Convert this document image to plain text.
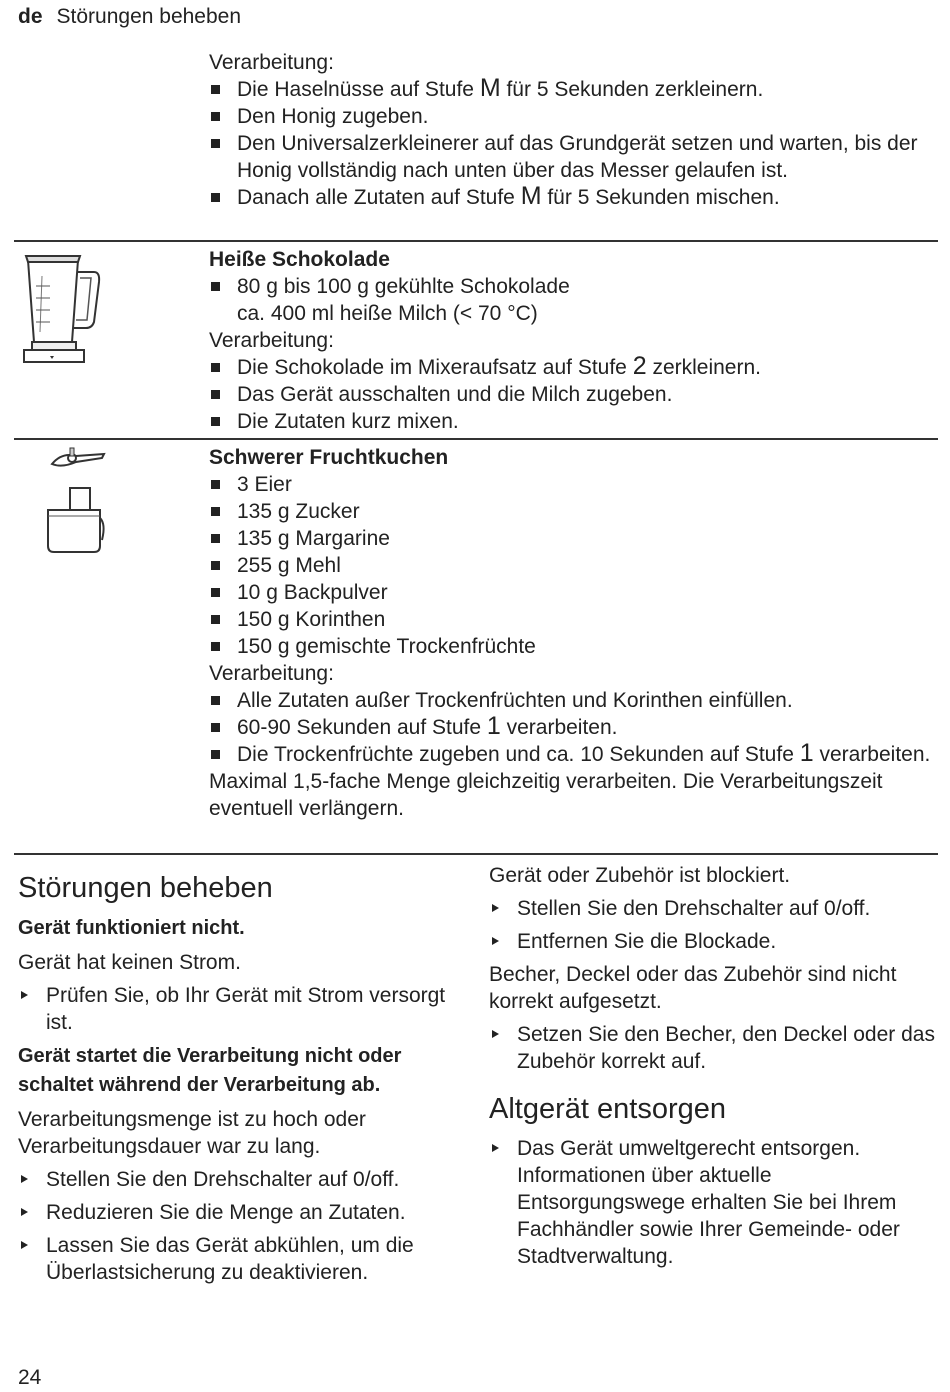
de Störungen beheben

Verarbeitung:

Die Haselnüsse auf Stufe M für 5 Sekunden zerkleinern.
Den Honig zugeben.
Den Universalzerkleinerer auf das Grundgerät setzen und warten, bis der Honig vollständig nach unten über das Messer gelaufen ist.
Danach alle Zutaten auf Stufe M für 5 Sekunden mischen.

Heiße Schokolade

80 g bis 100 g gekühlte Schokolade

ca. 400 ml heiße Milch (< 70 °C)

Verarbeitung:

Die Schokolade im Mixeraufsatz auf Stufe 2 zerkleinern.
Das Gerät ausschalten und die Milch zugeben.
Die Zutaten kurz mixen.

Schwerer Fruchtkuchen

3 Eier
135 g Zucker
135 g Margarine
255 g Mehl
10 g Backpulver
150 g Korinthen
150 g gemischte Trockenfrüchte

Verarbeitung:

Alle Zutaten außer Trockenfrüchten und Korinthen einfüllen.
60-90 Sekunden auf Stufe 1 verarbeiten.
Die Trockenfrüchte zugeben und ca. 10 Sekunden auf Stufe 1 verarbeiten.

Maximal 1,5-fache Menge gleichzeitig verarbeiten. Die Verarbeitungszeit eventuell verlängern.

Störungen beheben

Gerät funktioniert nicht.

Gerät hat keinen Strom.

Prüfen Sie, ob Ihr Gerät mit Strom versorgt ist.

Gerät startet die Verarbeitung nicht oder schaltet während der Verarbeitung ab.

Verarbeitungsmenge ist zu hoch oder Verarbeitungsdauer war zu lang.

Stellen Sie den Drehschalter auf 0/off.
Reduzieren Sie die Menge an Zutaten.
Lassen Sie das Gerät abkühlen, um die Überlastsicherung zu deaktivieren.

Gerät oder Zubehör ist blockiert.

Stellen Sie den Drehschalter auf 0/off.
Entfernen Sie die Blockade.

Becher, Deckel oder das Zubehör sind nicht korrekt aufgesetzt.

Setzen Sie den Becher, den Deckel oder das Zubehör korrekt auf.
Altgerät entsorgen
Das Gerät umweltgerecht entsorgen.
Informationen über aktuelle Entsorgungswege erhalten Sie bei Ihrem Fachhändler sowie Ihrer Gemeinde- oder Stadtverwaltung.
24
